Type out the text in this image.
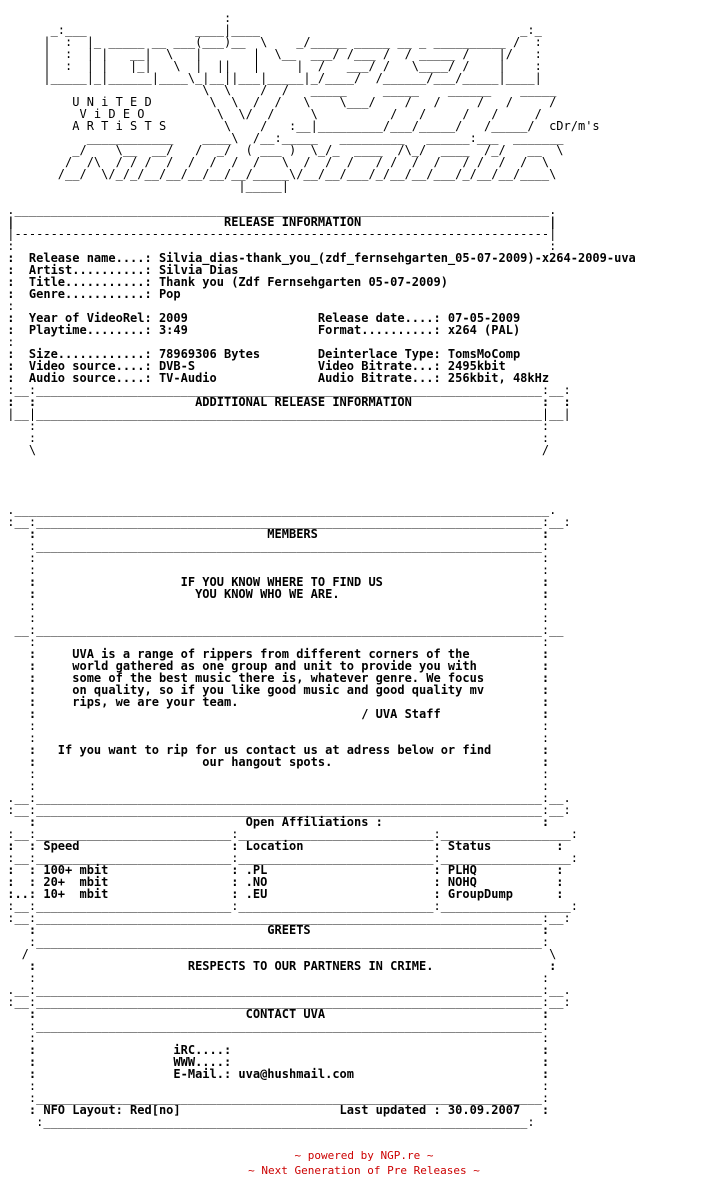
:
_:___               ____|____                                    _:_
|  :  |_ _____ __ ___(___)__  \    _/_____ _____ __ _ __________ /  :
|  :  | |   __|  \   |       |  \__  ___/ /___ /  / _____ /    |/   :
|  :  | |   |_|   \  |  ||   |     |  /   ___/ /   \____/ /    |    :
|_____|_|______|____\_|__||___|_____|_/____/  /______/___/_____|____|
\  \    /  /   _____     _____    ______    _____
U N i T E D        \  \  /  /   \    \___/    /   /     /   /     /
V i D E O          \  \/  /     \          /   /     /   /     /
A R T i S T S        \    /   :__|_________/___/_____/   /_____/  cDr/m's
____________    ____\  /__:_____   _________   ______:___  _______
_/    \__  __/   /  _/  ( ___ )  \_/_  ____  /\_/  ____  /_/   __  \
/  /\  / / /  /  /  /  /  /   \  /  /  /   / /  /  /   / /  /  /  \
/__/  \/_/_/__/__/__/__/__/_____\/__/__/___/_/__/__/___/_/__/__/____\
|_____|
.__________________________________________________________________________.
|                             RELEASE INFORMATION                          |
|--------------------------------------------------------------------------|
:                                                                          :
:  Release name....: Silvia_dias-thank_you_(zdf_fernsehgarten_05-07-2009)-x264-2009-uva
:  Artist..........: Silvia Dias
:  Title...........: Thank you (Zdf Fernsehgarten 05-07-2009)
:  Genre...........: Pop
:
:  Year of VideoRel: 2009                  Release date....: 07-05-2009
:  Playtime........: 3:49                  Format..........: x264 (PAL)
:
:  Size............: 78969306 Bytes        Deinterlace Type: TomsMoComp
:  Video source....: DVB-S                 Video Bitrate...: 2495kbit
:  Audio source....: TV-Audio              Audio Bitrate...: 256kbit, 48kHz
:__:______________________________________________________________________:__:
:  :                      ADDITIONAL RELEASE INFORMATION                  :  :
|__|______________________________________________________________________|__|
:                                                                      :
:                                                                      :
\                                                                      /
.__________________________________________________________________________.
:__:______________________________________________________________________:__:
:                                MEMBERS                               :
:______________________________________________________________________:
:                                                                      :
:                                                                      :
:                    IF YOU KNOW WHERE TO FIND US                      :
:                      YOU KNOW WHO WE ARE.                            :
:                                                                      :
:                                                                      :
__:______________________________________________________________________:__
:                                                                      :
:     UVA is a range of rippers from different corners of the          :
:     world gathered as one group and unit to provide you with         :
:     some of the best music there is, whatever genre. We focus        :
:     on quality, so if you like good music and good quality mv        :
:     rips, we are your team.                                          :
:                                             / UVA Staff              :
:                                                                      :
:                                                                      :
:   If you want to rip for us contact us at adress below or find       :
:                       our hangout spots.                             :
:                                                                      :
:                                                                      :
.__:______________________________________________________________________:__.
:__:______________________________________________________________________:__:
:                             Open Affiliations :                      :
:__:___________________________:___________________________:__________________:
:  : Speed                     : Location                  : Status         :
:__:___________________________:___________________________:__________________:
:  : 100+ mbit                 : .PL                       : PLHQ           :
:  : 20+  mbit                 : .NO                       : NOHQ           :
:..: 10+  mbit                 : .EU                       : GroupDump      :
:__:___________________________:___________________________:__________________:
:__:______________________________________________________________________:__:
:                                GREETS                                :
:______________________________________________________________________:
/                                                                        \
:                     RESPECTS TO OUR PARTNERS IN CRIME.                :
:                                                                      :
.__:______________________________________________________________________:__.
:__:______________________________________________________________________:__:
:                             CONTACT UVA                              :
:______________________________________________________________________:
:                                                                      :
:                   iRC....:                                           :
:                   WWW....:                                           :
:                   E-Mail.: uva@hushmail.com                          :
:                                                                      :
:______________________________________________________________________:
: NFO Layout: Red[no]                      Last updated : 30.09.2007   :
:___________________________________________________________________:
~ powered by NGP.re ~
~ Next Generation of Pre Releases ~
